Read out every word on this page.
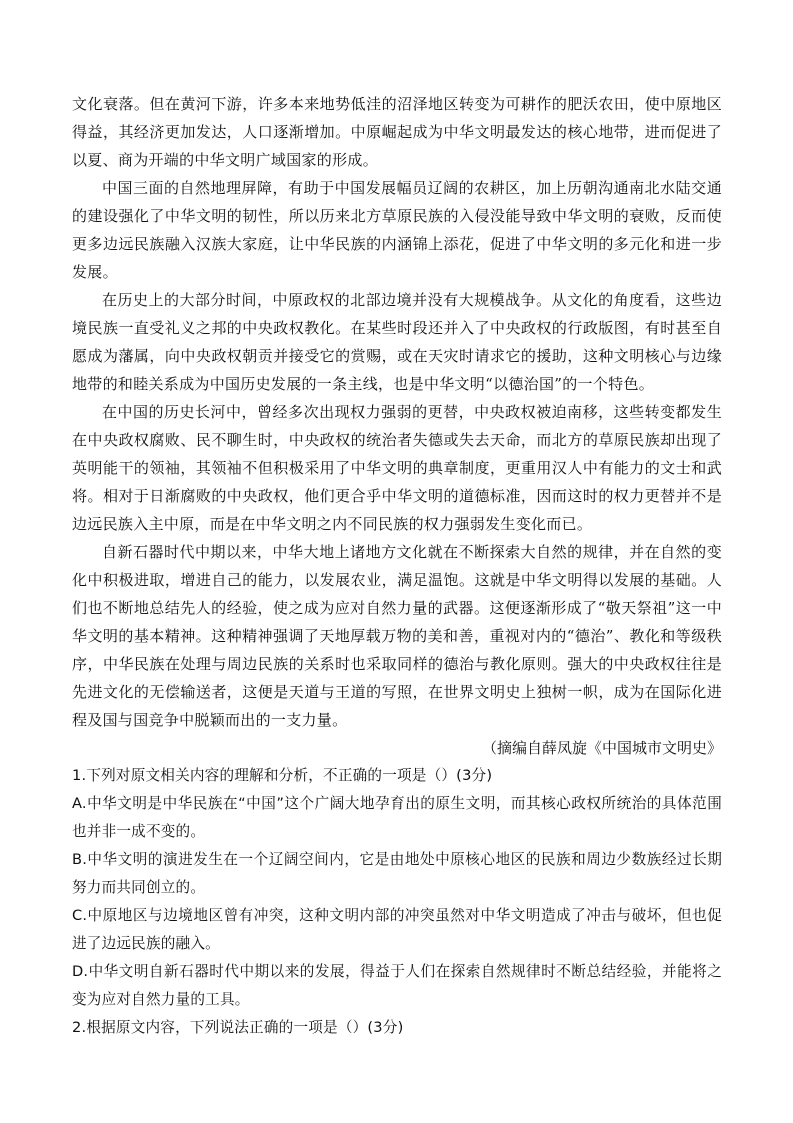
文化衰落。但在黄河下游，许多本来地势低洼的沼泽地区转变为可耕作的肥沃农田，使中原地区得益，其经济更加发达，人口逐渐增加。中原崛起成为中华文明最发达的核心地带，进而促进了以夏、商为开端的中华文明广域国家的形成。

中国三面的自然地理屏障，有助于中国发展幅员辽阔的农耕区，加上历朝沟通南北水陆交通的建设强化了中华文明的韧性，所以历来北方草原民族的入侵没能导致中华文明的衰败，反而使更多边远民族融入汉族大家庭，让中华民族的内涵锦上添花，促进了中华文明的多元化和进一步发展。

在历史上的大部分时间，中原政权的北部边境并没有大规模战争。从文化的角度看，这些边境民族一直受礼义之邦的中央政权教化。在某些时段还并入了中央政权的行政版图，有时甚至自愿成为藩属，向中央政权朝贡并接受它的赏赐，或在天灾时请求它的援助，这种文明核心与边缘地带的和睦关系成为中国历史发展的一条主线，也是中华文明“以德治国”的一个特色。

在中国的历史长河中，曾经多次出现权力强弱的更替，中央政权被迫南移，这些转变都发生在中央政权腐败、民不聊生时，中央政权的统治者失德或失去天命，而北方的草原民族却出现了英明能干的领袖，其领袖不但积极采用了中华文明的典章制度，更重用汉人中有能力的文士和武将。相对于日渐腐败的中央政权，他们更合乎中华文明的道德标准，因而这时的权力更替并不是边远民族入主中原，而是在中华文明之内不同民族的权力强弱发生变化而已。

自新石器时代中期以来，中华大地上诸地方文化就在不断探索大自然的规律，并在自然的变化中积极进取，增进自己的能力，以发展农业，满足温饱。这就是中华文明得以发展的基础。人们也不断地总结先人的经验，使之成为应对自然力量的武器。这便逐渐形成了“敬天祭祖”这一中华文明的基本精神。这种精神强调了天地厚载万物的美和善，重视对内的“德治”、教化和等级秩序，中华民族在处理与周边民族的关系时也采取同样的德治与教化原则。强大的中央政权往往是先进文化的无偿输送者，这便是天道与王道的写照，在世界文明史上独树一帜，成为在国际化进程及国与国竞争中脱颖而出的一支力量。

（摘编自薛凤旋《中国城市文明史》

1.下列对原文相关内容的理解和分析，不正确的一项是（）(3分)

A.中华文明是中华民族在“中国”这个广阔大地孕育出的原生文明，而其核心政权所统治的具体范围也并非一成不变的。

B.中华文明的演进发生在一个辽阔空间内，它是由地处中原核心地区的民族和周边少数族经过长期努力而共同创立的。

C.中原地区与边境地区曾有冲突，这种文明内部的冲突虽然对中华文明造成了冲击与破坏，但也促进了边远民族的融入。

D.中华文明自新石器时代中期以来的发展，得益于人们在探索自然规律时不断总结经验，并能将之变为应对自然力量的工具。

2.根据原文内容，下列说法正确的一项是（）(3分)
